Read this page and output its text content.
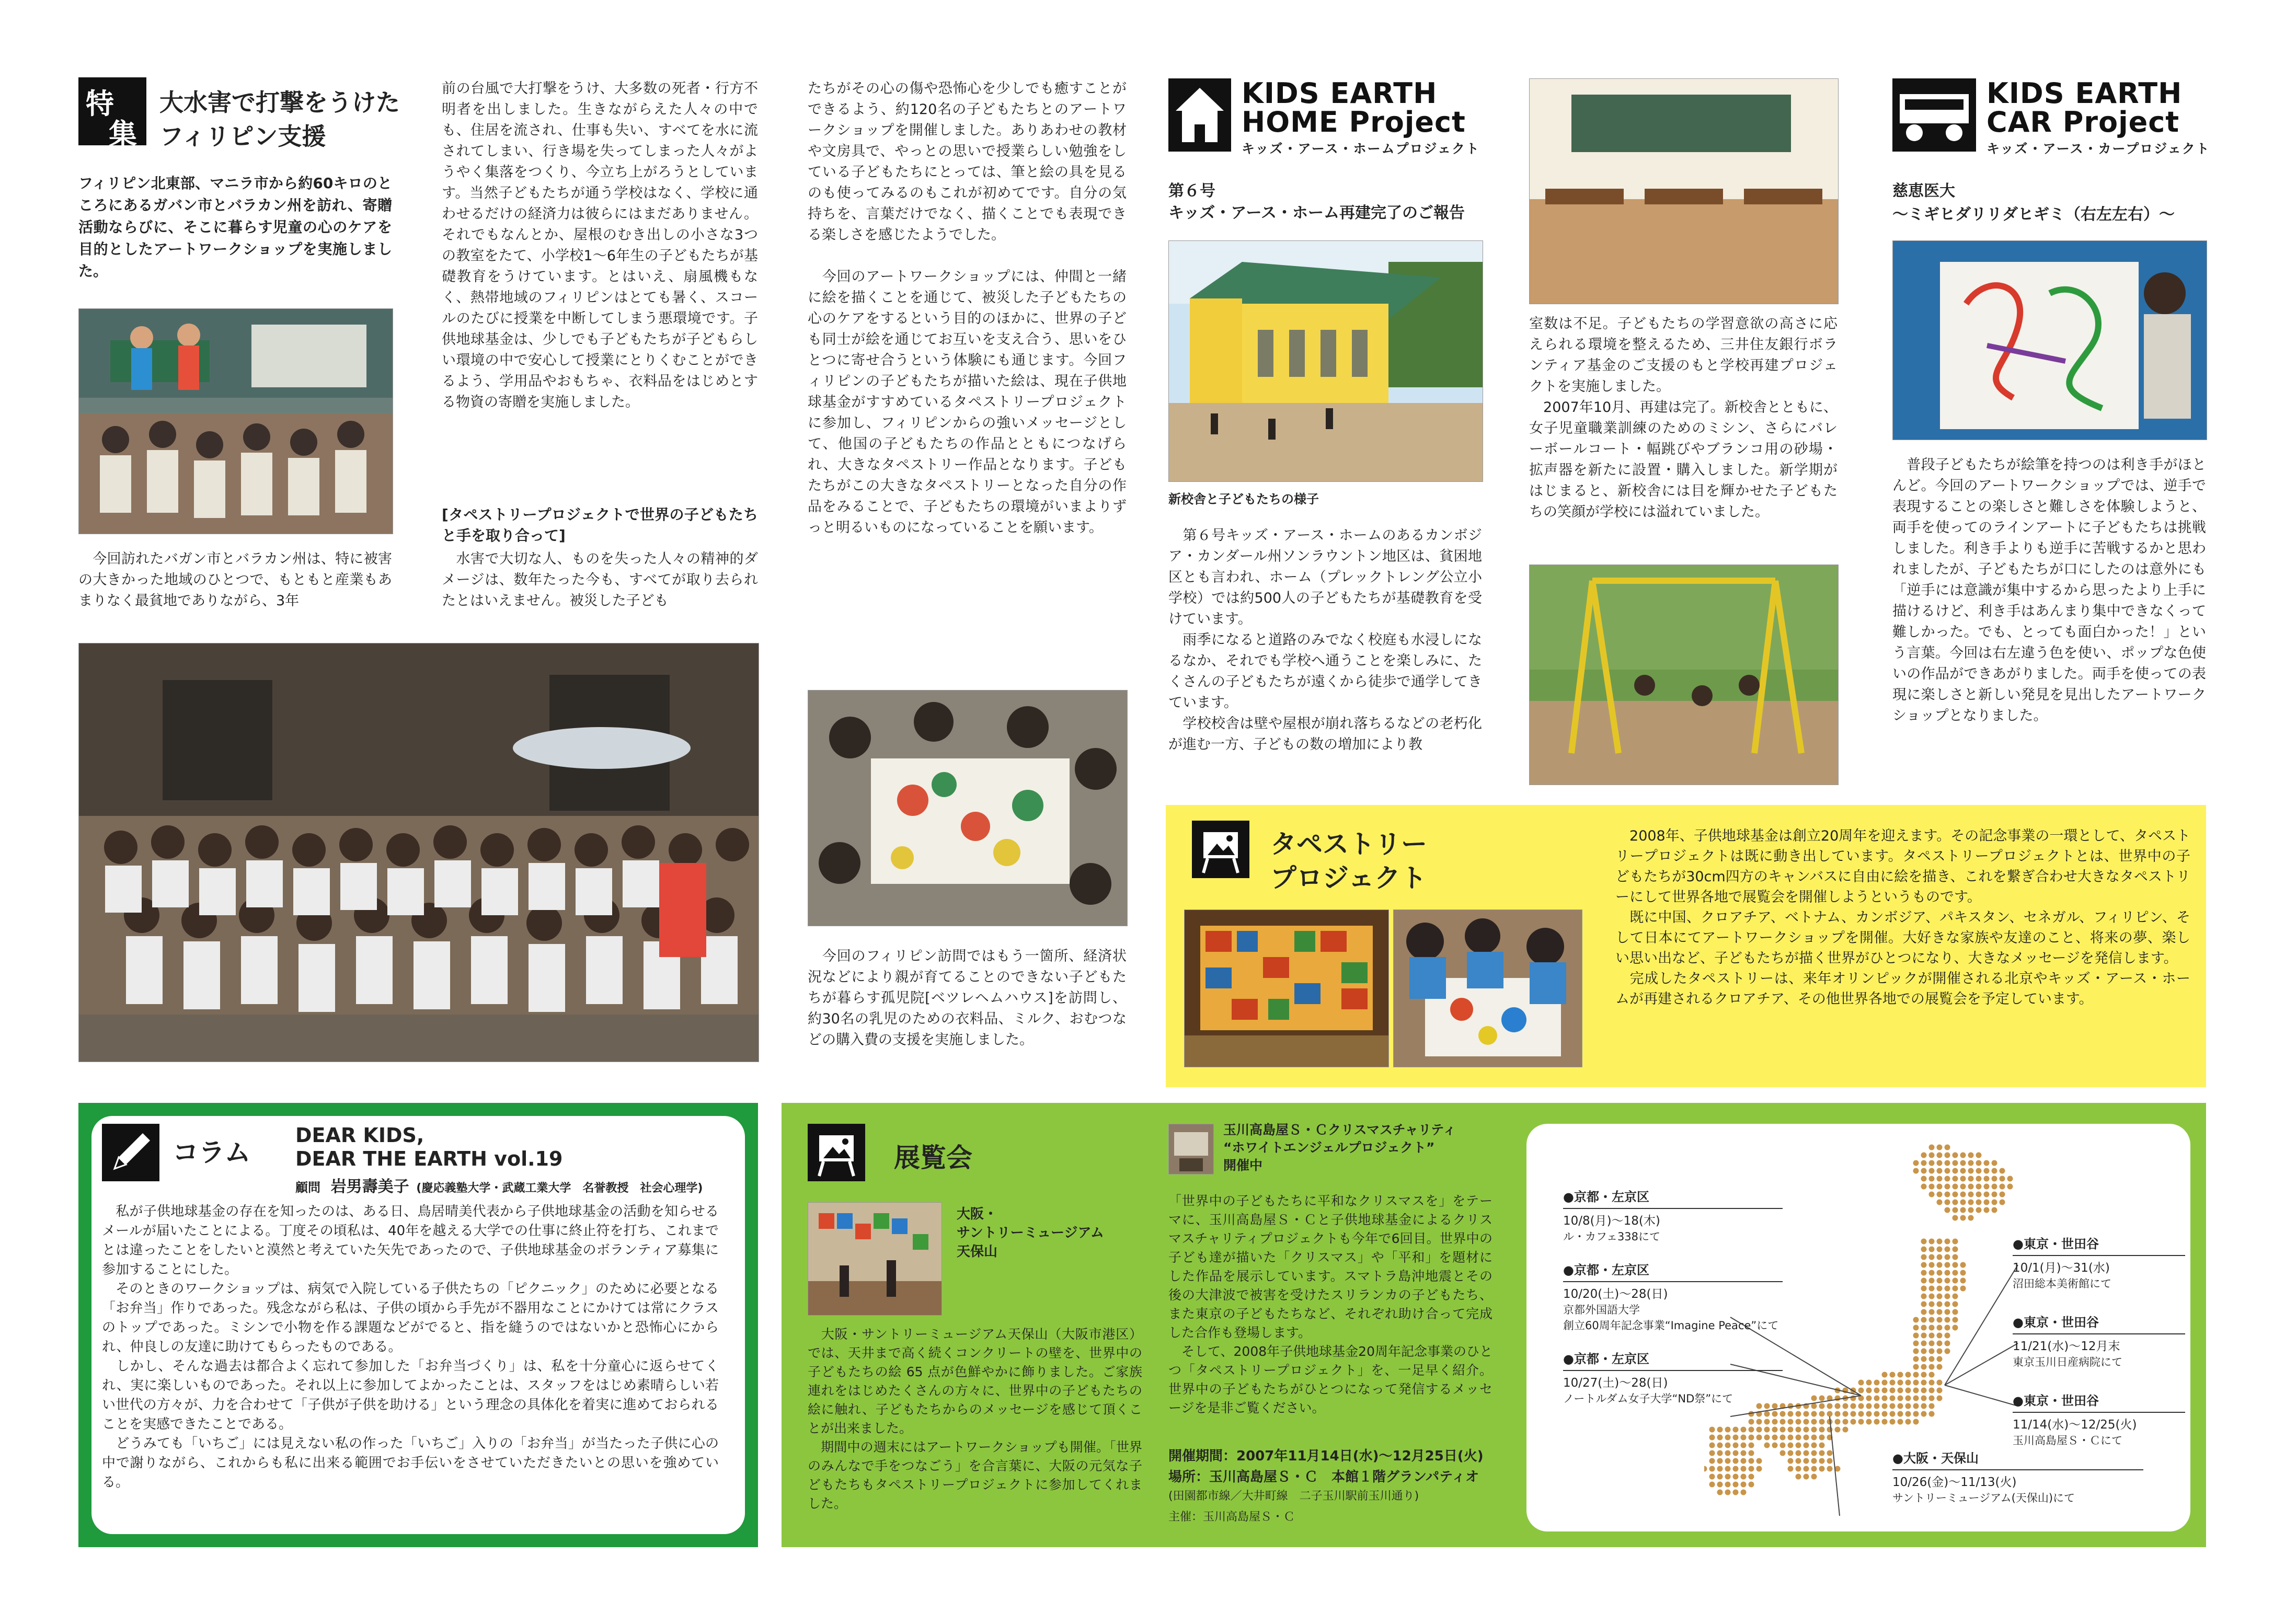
特
集
大水害で打撃をうけた
フィリピン支援

フィリピン北東部、マニラ市から約60キロのところにあるガバン市とバラカン州を訪れ、寄贈活動ならびに、そこに暮らす児童の心のケアを目的としたアートワークショップを実施しました。

　今回訪れたバガン市とバラカン州は、特に被害の大きかった地域のひとつで、もともと産業もあまりなく最貧地でありながら、3年

前の台風で大打撃をうけ、大多数の死者・行方不明者を出しました。生きながらえた人々の中でも、住居を流され、仕事も失い、すべてを水に流されてしまい、行き場を失ってしまった人々がようやく集落をつくり、今立ち上がろうとしています。当然子どもたちが通う学校はなく、学校に通わせるだけの経済力は彼らにはまだありません。それでもなんとか、屋根のむき出しの小さな3つの教室をたて、小学校1～6年生の子どもたちが基礎教育をうけています。とはいえ、扇風機もなく、熱帯地域のフィリピンはとても暑く、スコールのたびに授業を中断してしまう悪環境です。子供地球基金は、少しでも子どもたちが子どもらしい環境の中で安心して授業にとりくむことができるよう、学用品やおもちゃ、衣料品をはじめとする物資の寄贈を実施しました。

[タペストリープロジェクトで世界の子どもたちと手を取り合って]

　水害で大切な人、ものを失った人々の精神的ダメージは、数年たった今も、すべてが取り去られたとはいえません。被災した子ども

たちがその心の傷や恐怖心を少しでも癒すことができるよう、約120名の子どもたちとのアートワークショップを開催しました。ありあわせの教材や文房具で、やっとの思いで授業らしい勉強をしている子どもたちにとっては、筆と絵の具を見るのも使ってみるのもこれが初めてです。自分の気持ちを、言葉だけでなく、描くことでも表現できる楽しさを感じたようでした。

　今回のアートワークショップには、仲間と一緒に絵を描くことを通じて、被災した子どもたちの心のケアをするという目的のほかに、世界の子ども同士が絵を通じてお互いを支え合う、思いをひとつに寄せ合うという体験にも通じます。今回フィリピンの子どもたちが描いた絵は、現在子供地球基金がすすめているタペストリープロジェクトに参加し、フィリピンからの強いメッセージとして、他国の子どもたちの作品とともにつなげられ、大きなタペストリー作品となります。子どもたちがこの大きなタペストリーとなった自分の作品をみることで、子どもたちの環境がいまよりずっと明るいものになっていることを願います。

　今回のフィリピン訪問ではもう一箇所、経済状況などにより親が育てることのできない子どもたちが暮らす孤児院[ベツレヘムハウス]を訪問し、約30名の乳児のための衣料品、ミルク、おむつなどの購入費の支援を実施しました。

KIDS EARTH
HOME Project
キッズ・アース・ホームプロジェクト
第６号
キッズ・アース・ホーム再建完了のご報告
新校舎と子どもたちの様子

　第６号キッズ・アース・ホームのあるカンボジア・カンダール州ソンラウントン地区は、貧困地区とも言われ、ホーム（プレックトレング公立小学校）では約500人の子どもたちが基礎教育を受けています。
　雨季になると道路のみでなく校庭も水浸しになるなか、それでも学校へ通うことを楽しみに、たくさんの子どもたちが遠くから徒歩で通学してきています。
　学校校舎は壁や屋根が崩れ落ちるなどの老朽化が進む一方、子どもの数の増加により教

室数は不足。子どもたちの学習意欲の高さに応えられる環境を整えるため、三井住友銀行ボランティア基金のご支援のもと学校再建プロジェクトを実施しました。
　2007年10月、再建は完了。新校舎とともに、女子児童職業訓練のためのミシン、さらにバレーボールコート・幅跳びやブランコ用の砂場・拡声器を新たに設置・購入しました。新学期がはじまると、新校舎には目を輝かせた子どもたちの笑顔が学校には溢れていました。

KIDS EARTH
CAR Project
キッズ・アース・カープロジェクト
慈恵医大
～ミギヒダリリダヒギミ（右左左右）～

　普段子どもたちが絵筆を持つのは利き手がほとんど。今回のアートワークショップでは、逆手で表現することの楽しさと難しさを体験しようと、両手を使ってのラインアートに子どもたちは挑戦しました。利き手よりも逆手に苦戦するかと思われましたが、子どもたちが口にしたのは意外にも「逆手には意識が集中するから思ったより上手に描けるけど、利き手はあんまり集中できなくって難しかった。でも、とっても面白かった！」という言葉。今回は右左違う色を使い、ポップな色使いの作品ができあがりました。両手を使っての表現に楽しさと新しい発見を見出したアートワークショップとなりました。

タペストリー
プロジェクト

　2008年、子供地球基金は創立20周年を迎えます。その記念事業の一環として、タペストリープロジェクトは既に動き出しています。タペストリープロジェクトとは、世界中の子どもたちが30cm四方のキャンバスに自由に絵を描き、これを繋ぎ合わせ大きなタペストリーにして世界各地で展覧会を開催しようというものです。
　既に中国、クロアチア、ベトナム、カンボジア、パキスタン、セネガル、フィリピン、そして日本にてアートワークショップを開催。大好きな家族や友達のこと、将来の夢、楽しい思い出など、子どもたちが描く世界がひとつになり、大きなメッセージを発信します。
　完成したタペストリーは、来年オリンピックが開催される北京やキッズ・アース・ホームが再建されるクロアチア、その他世界各地での展覧会を予定しています。

コラム
DEAR KIDS,
DEAR THE EARTH vol.19
顧問 岩男壽美子 (慶応義塾大学・武蔵工業大学　名誉教授　社会心理学)

　私が子供地球基金の存在を知ったのは、ある日、鳥居晴美代表から子供地球基金の活動を知らせるメールが届いたことによる。丁度その頃私は、40年を越える大学での仕事に終止符を打ち、これまでとは違ったことをしたいと漠然と考えていた矢先であったので、子供地球基金のボランティア募集に参加することにした。
　そのときのワークショップは、病気で入院している子供たちの「ピクニック」のために必要となる「お弁当」作りであった。残念ながら私は、子供の頃から手先が不器用なことにかけては常にクラスのトップであった。ミシンで小物を作る課題などがでると、指を縫うのではないかと恐怖心にかられ、仲良しの友達に助けてもらったものである。
　しかし、そんな過去は都合よく忘れて参加した「お弁当づくり」は、私を十分童心に返らせてくれ、実に楽しいものであった。それ以上に参加してよかったことは、スタッフをはじめ素晴らしい若い世代の方々が、力を合わせて「子供が子供を助ける」という理念の具体化を着実に進めておられることを実感できたことである。
　どうみても「いちご」には見えない私の作った「いちご」入りの「お弁当」が当たった子供に心の中で謝りながら、これからも私に出来る範囲でお手伝いをさせていただきたいとの思いを強めている。

展覧会

大阪・
サントリーミュージアム
天保山

　大阪・サントリーミュージアム天保山（大阪市港区）では、天井まで高く続くコンクリートの壁を、世界中の子どもたちの絵 65 点が色鮮やかに飾りました。ご家族連れをはじめたくさんの方々に、世界中の子どもたちの絵に触れ、子どもたちからのメッセージを感じて頂くことが出来ました。
　期間中の週末にはアートワークショップも開催。「世界のみんなで手をつなごう」を合言葉に、大阪の元気な子どもたちもタペストリープロジェクトに参加してくれました。

玉川高島屋Ｓ・Ｃクリスマスチャリティ
“ホワイトエンジェルプロジェクト”
開催中

「世界中の子どもたちに平和なクリスマスを」をテーマに、玉川高島屋Ｓ・Ｃと子供地球基金によるクリスマスチャリティプロジェクトも今年で6回目。世界中の子ども達が描いた「クリスマス」や「平和」を題材にした作品を展示しています。スマトラ島沖地震とその後の大津波で被害を受けたスリランカの子どもたち、また東京の子どもたちなど、それぞれ助け合って完成した合作も登場します。
　そして、2008年子供地球基金20周年記念事業のひとつ「タペストリープロジェクト」を、一足早く紹介。世界中の子どもたちがひとつになって発信するメッセージを是非ご覧ください。

開催期間：2007年11月14日(水)～12月25日(火)
場所：玉川高島屋Ｓ・Ｃ　本館１階グランパティオ
(田園都市線／大井町線　二子玉川駅前玉川通り)
主催：玉川高島屋Ｓ・Ｃ
●京都・左京区
10/8(月)～18(木)
ル・カフェ338にて
●京都・左京区
10/20(土)～28(日)
京都外国語大学
創立60周年記念事業“Imagine Peace”にて
●京都・左京区
10/27(土)～28(日)
ノートルダム女子大学“ND祭”にて
●東京・世田谷
10/1(月)～31(水)
沼田総本美術館にて
●東京・世田谷
11/21(水)～12月末
東京玉川日産病院にて
●東京・世田谷
11/14(水)～12/25(火)
玉川高島屋Ｓ・Ｃにて
●大阪・天保山
10/26(金)～11/13(火)
サントリーミュージアム(天保山)にて
